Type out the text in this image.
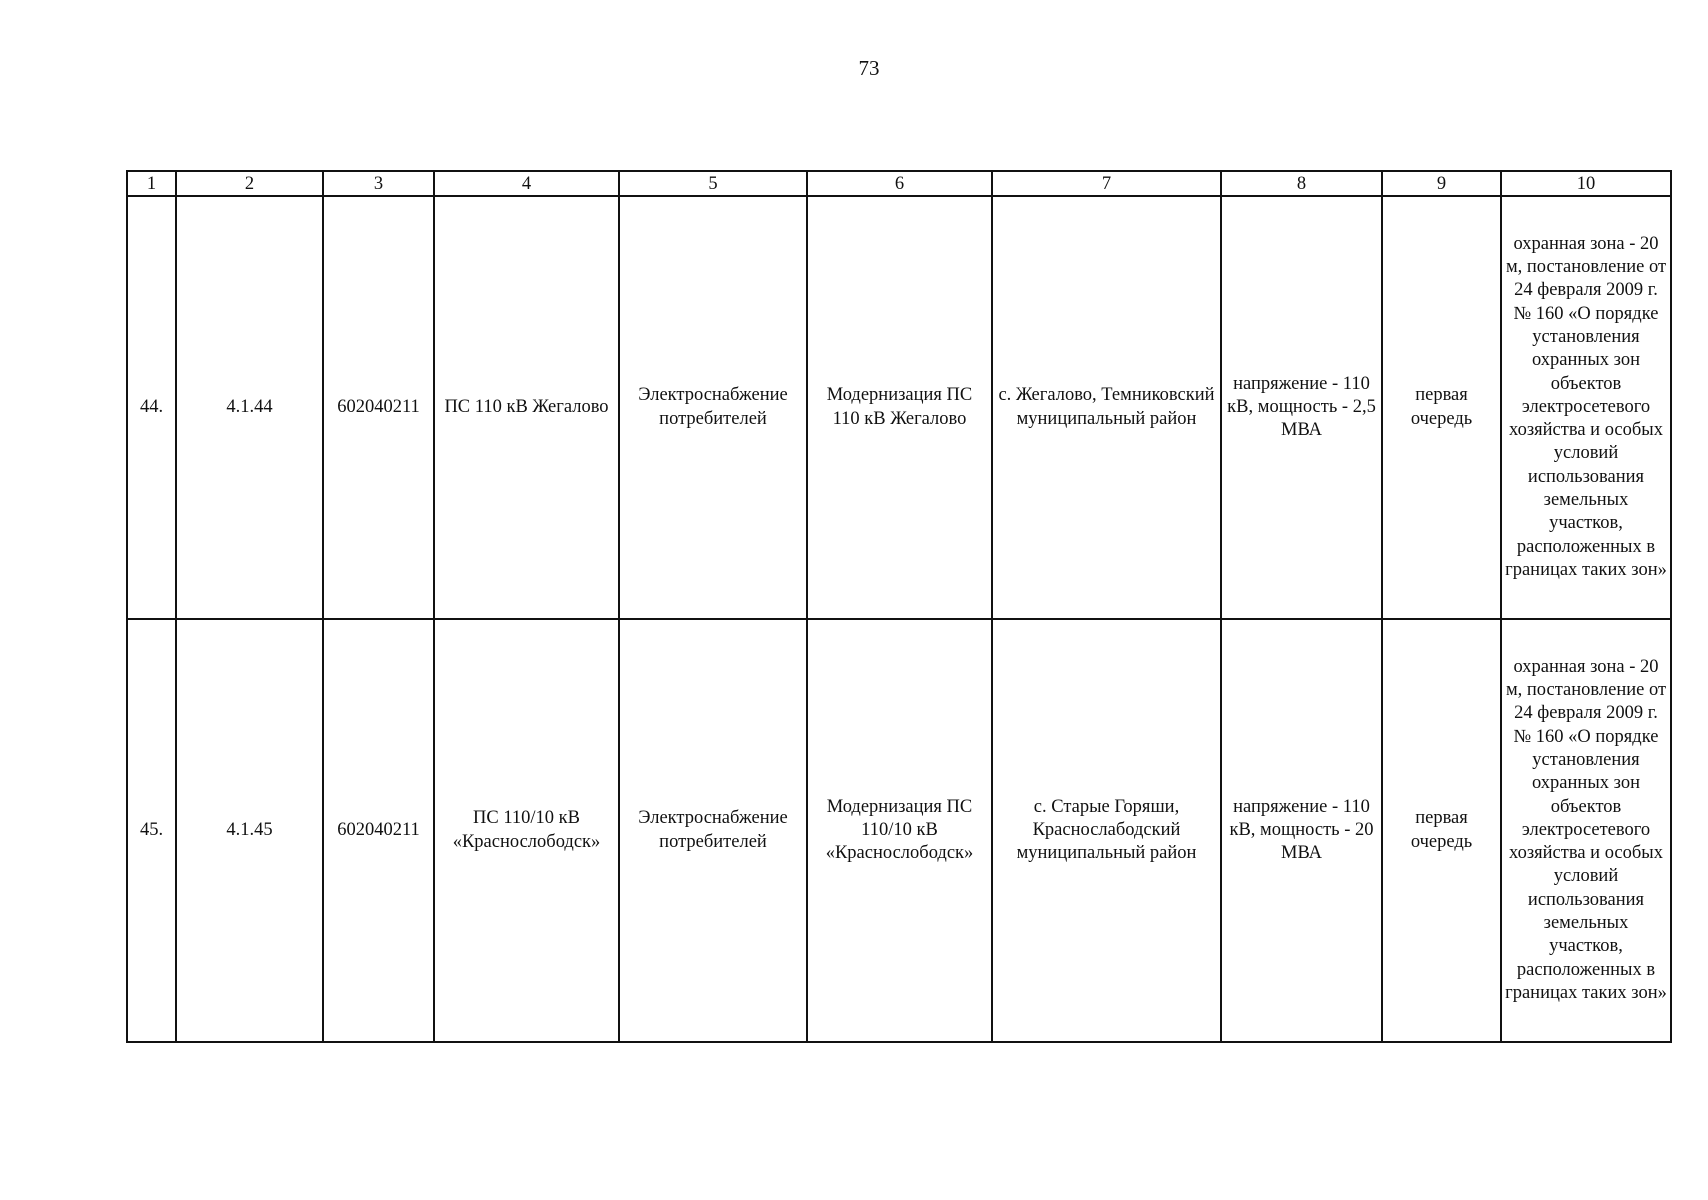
73
1	2	3	4	5	6	7	8	9	10
44.	4.1.44	602040211	ПС 110 кВ Жегалово	Электроснабжение потребителей	Модернизация ПС 110 кВ Жегалово	с. Жегалово, Темниковский муниципальный район	напряжение - 110 кВ, мощность - 2,5 МВА	первая очередь	охранная зона - 20 м, постановление от 24 февраля 2009 г. № 160 «О порядке установления охранных зон объектов электросетевого хозяйства и особых условий использования земельных участков, расположенных в границах таких зон»
45.	4.1.45	602040211	ПС 110/10 кВ «Краснослободск»	Электроснабжение потребителей	Модернизация ПС 110/10 кВ «Краснослободск»	с. Старые Горяши, Краснослабодский муниципальный район	напряжение - 110 кВ, мощность - 20 МВА	первая очередь	охранная зона - 20 м, постановление от 24 февраля 2009 г. № 160 «О порядке установления охранных зон объектов электросетевого хозяйства и особых условий использования земельных участков, расположенных в границах таких зон»
